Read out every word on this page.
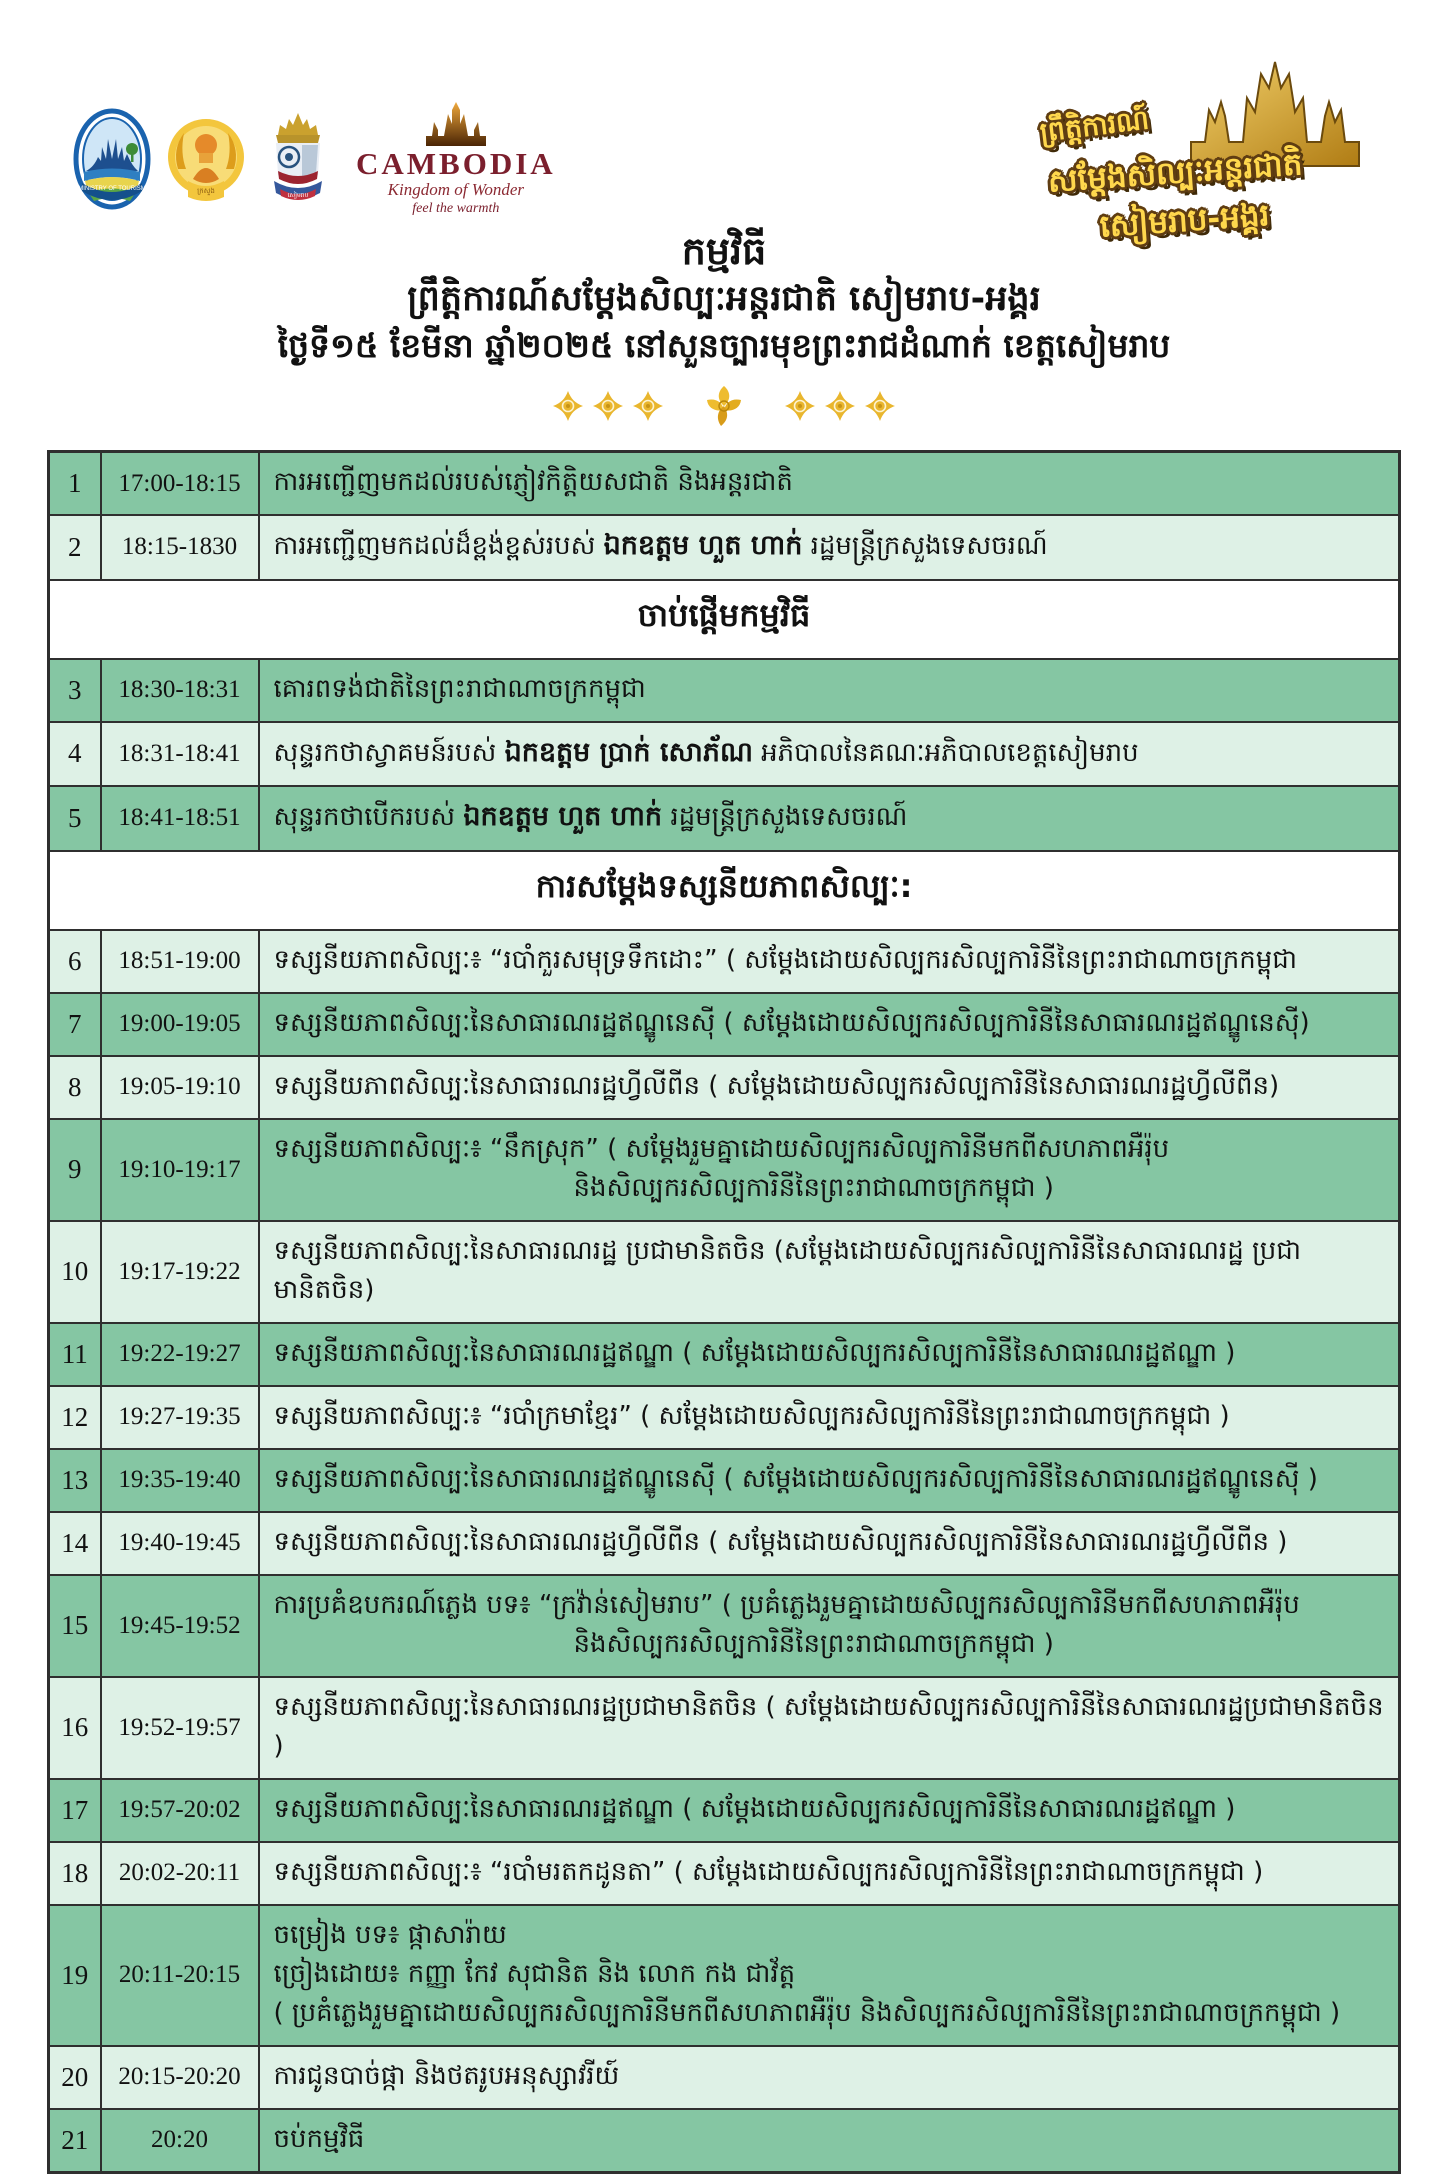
MINISTRY OF TOURISM	ក្រសួង
សៀមរាប
CAMBODIA
Kingdom of Wonder
feel the warmth
ព្រឹត្តិការណ៍
សម្ដែងសិល្បៈអន្តរជាតិ
សៀមរាប-អង្គរ
កម្មវិធី
ព្រឹត្តិការណ៍សម្ដែងសិល្បៈអន្តរជាតិ សៀមរាប-អង្គរ
ថ្ងៃទី១៥ ខែមីនា ឆ្នាំ២០២៥ នៅសួនច្បារមុខព្រះរាជដំណាក់ ខេត្តសៀមរាប
1	17:00-18:15	ការអញ្ជើញមកដល់របស់ភ្ញៀវកិត្តិយសជាតិ និងអន្តរជាតិ

2	18:15-1830	ការអញ្ជើញមកដល់ដ៏ខ្ពង់ខ្ពស់របស់ ឯកឧត្តម ហួត ហាក់ រដ្ឋមន្ត្រីក្រសួងទេសចរណ៍

ចាប់ផ្ដើមកម្មវិធី		
3	18:30-18:31	គោរពទង់ជាតិនៃព្រះរាជាណាចក្រកម្ពុជា

4	18:31-18:41	សុន្ទរកថាស្វាគមន៍របស់ ឯកឧត្តម ប្រាក់ សោភ័ណ អភិបាលនៃគណៈអភិបាលខេត្តសៀមរាប

5	18:41-18:51	សុន្ទរកថាបើករបស់ ឯកឧត្តម ហួត ហាក់ រដ្ឋមន្ត្រីក្រសួងទេសចរណ៍

ការសម្ដែងទស្សនីយភាពសិល្បៈ:		
6	18:51-19:00	ទស្សនីយភាពសិល្បៈ៖ “របាំកួរសមុទ្រទឹកដោះ” ( សម្ដែងដោយសិល្បករសិល្បការិនីនៃព្រះរាជាណាចក្រកម្ពុជា

7	19:00-19:05	ទស្សនីយភាពសិល្បៈនៃសាធារណរដ្ឋឥណ្ឌូនេស៊ី ( សម្ដែងដោយសិល្បករសិល្បការិនីនៃសាធារណរដ្ឋឥណ្ឌូនេស៊ី)

8	19:05-19:10	ទស្សនីយភាពសិល្បៈនៃសាធារណរដ្ឋហ្វីលីពីន ( សម្ដែងដោយសិល្បករសិល្បការិនីនៃសាធារណរដ្ឋហ្វីលីពីន)

9	19:10-19:17	ទស្សនីយភាពសិល្បៈ៖ “នឹកស្រុក” ( សម្ដែងរួមគ្នាដោយសិល្បករសិល្បការិនីមកពីសហភាពអឺរ៉ុប
និងសិល្បករសិល្បការិនីនៃព្រះរាជាណាចក្រកម្ពុជា )

10	19:17-19:22	ទស្សនីយភាពសិល្បៈនៃសាធារណរដ្ឋ ប្រជាមានិតចិន (សម្ដែងដោយសិល្បករសិល្បការិនីនៃសាធារណរដ្ឋ ប្រជាមានិតចិន)

11	19:22-19:27	ទស្សនីយភាពសិល្បៈនៃសាធារណរដ្ឋឥណ្ឌា ( សម្ដែងដោយសិល្បករសិល្បការិនីនៃសាធារណរដ្ឋឥណ្ឌា )

12	19:27-19:35	ទស្សនីយភាពសិល្បៈ៖ “របាំក្រមាខ្មែរ” ( សម្ដែងដោយសិល្បករសិល្បការិនីនៃព្រះរាជាណាចក្រកម្ពុជា )

13	19:35-19:40	ទស្សនីយភាពសិល្បៈនៃសាធារណរដ្ឋឥណ្ឌូនេស៊ី ( សម្ដែងដោយសិល្បករសិល្បការិនីនៃសាធារណរដ្ឋឥណ្ឌូនេស៊ី )

14	19:40-19:45	ទស្សនីយភាពសិល្បៈនៃសាធារណរដ្ឋហ្វីលីពីន ( សម្ដែងដោយសិល្បករសិល្បការិនីនៃសាធារណរដ្ឋហ្វីលីពីន )

15	19:45-19:52	ការប្រគំឧបករណ៍ភ្លេង បទ៖ “ក្រវ៉ាន់សៀមរាប” ( ប្រគំភ្លេងរួមគ្នាដោយសិល្បករសិល្បការិនីមកពីសហភាពអឺរ៉ុប
និងសិល្បករសិល្បការិនីនៃព្រះរាជាណាចក្រកម្ពុជា )

16	19:52-19:57	ទស្សនីយភាពសិល្បៈនៃសាធារណរដ្ឋប្រជាមានិតចិន ( សម្ដែងដោយសិល្បករសិល្បការិនីនៃសាធារណរដ្ឋប្រជាមានិតចិន )

17	19:57-20:02	ទស្សនីយភាពសិល្បៈនៃសាធារណរដ្ឋឥណ្ឌា ( សម្ដែងដោយសិល្បករសិល្បការិនីនៃសាធារណរដ្ឋឥណ្ឌា )

18	20:02-20:11	ទស្សនីយភាពសិល្បៈ៖ “របាំមរតកដូនតា” ( សម្ដែងដោយសិល្បករសិល្បការិនីនៃព្រះរាជាណាចក្រកម្ពុជា )

19	20:11-20:15	ចម្រៀង បទ៖ ផ្កាសារ៉ាយ
ច្រៀងដោយ៖ កញ្ញា កែវ សុជានិត និង លោក កង ជាវ័ត្ត
( ប្រគំភ្លេងរួមគ្នាដោយសិល្បករសិល្បការិនីមកពីសហភាពអឺរ៉ុប និងសិល្បករសិល្បការិនីនៃព្រះរាជាណាចក្រកម្ពុជា )

20	20:15-20:20	ការជូនបាច់ផ្កា និងថតរូបអនុស្សាវរីយ៍

21	20:20	ចប់កម្មវិធី
